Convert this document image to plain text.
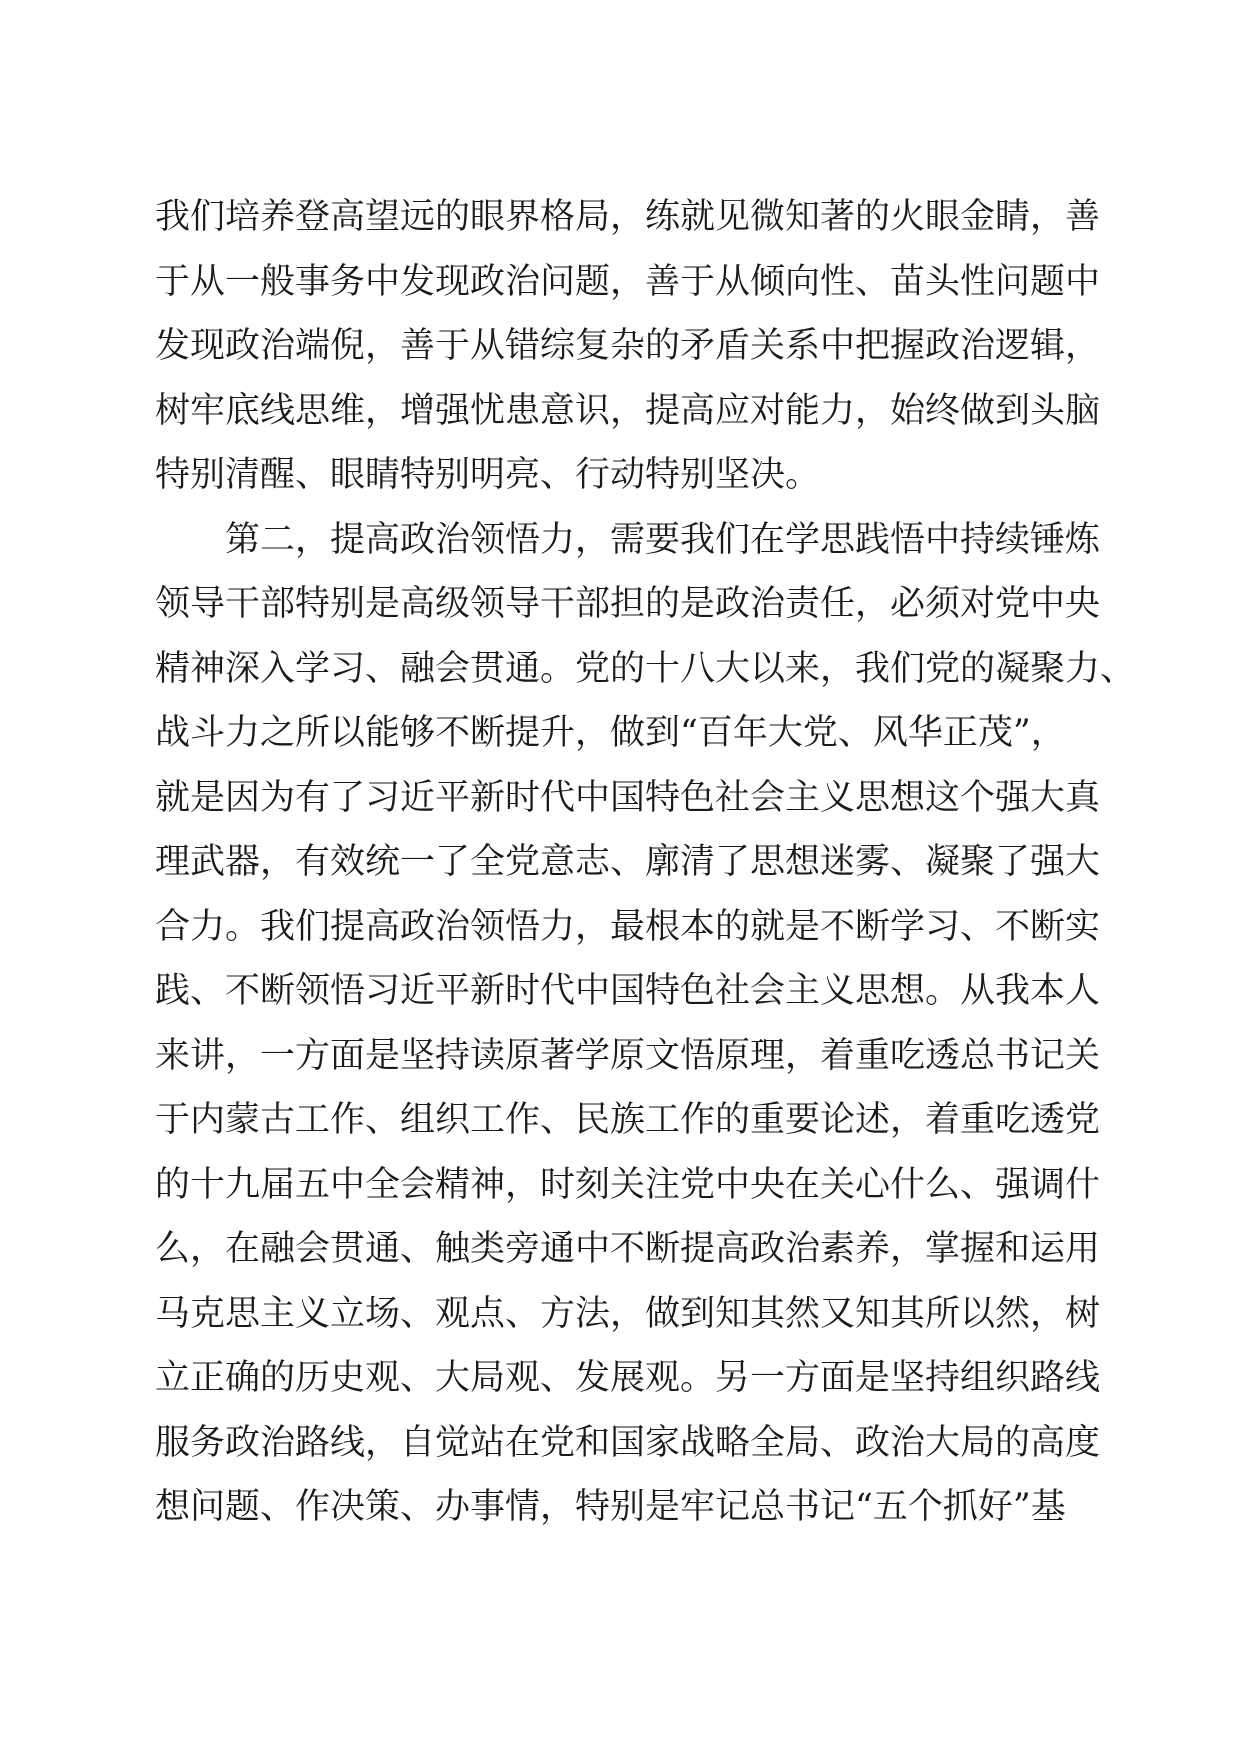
我们培养登高望远的眼界格局，练就见微知著的火眼金睛，善
于从一般事务中发现政治问题，善于从倾向性、苗头性问题中
发现政治端倪，善于从错综复杂的矛盾关系中把握政治逻辑，
树牢底线思维，增强忧患意识，提高应对能力，始终做到头脑
特别清醒、眼睛特别明亮、行动特别坚决。
　　第二，提高政治领悟力，需要我们在学思践悟中持续锤炼
领导干部特别是高级领导干部担的是政治责任，必须对党中央
精神深入学习、融会贯通。党的十八大以来，我们党的凝聚力、
战斗力之所以能够不断提升，做到“百年大党、风华正茂”，
就是因为有了习近平新时代中国特色社会主义思想这个强大真
理武器，有效统一了全党意志、廓清了思想迷雾、凝聚了强大
合力。我们提高政治领悟力，最根本的就是不断学习、不断实
践、不断领悟习近平新时代中国特色社会主义思想。从我本人
来讲，一方面是坚持读原著学原文悟原理，着重吃透总书记关
于内蒙古工作、组织工作、民族工作的重要论述，着重吃透党
的十九届五中全会精神，时刻关注党中央在关心什么、强调什
么，在融会贯通、触类旁通中不断提高政治素养，掌握和运用
马克思主义立场、观点、方法，做到知其然又知其所以然，树
立正确的历史观、大局观、发展观。另一方面是坚持组织路线
服务政治路线，自觉站在党和国家战略全局、政治大局的高度
想问题、作决策、办事情，特别是牢记总书记“五个抓好”基
